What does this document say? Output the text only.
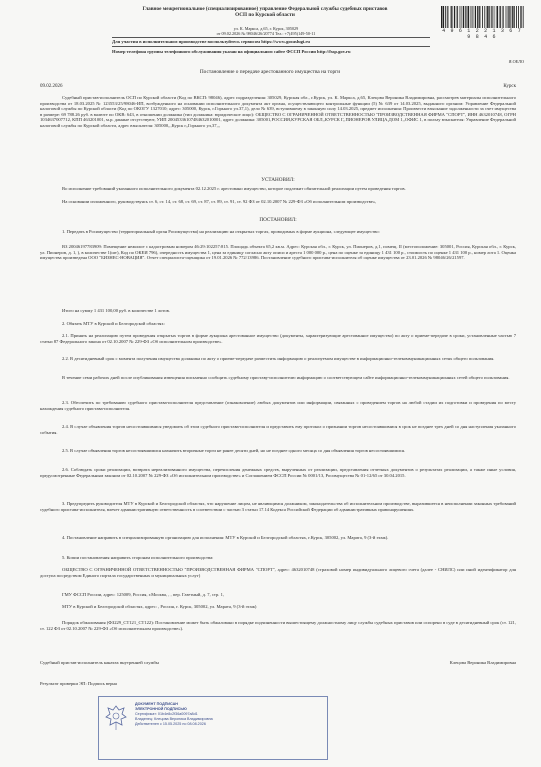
Главное межрегиональное (специализированное) управление Федеральной службы судебных приставов
ОСП по Курской области
ул. К. Маркса, д.65, г. Курск, 305029
от 09.02.2026 № 98046/26/20774 Тел.: +7(495)149-50-11
Для участия в исполнительном производстве воспользуйтесь сервисом https://www.gosuslugi.ru
Номер телефона группы телефонного обслуживания указан на официальном сайте ФССП России http://fssp.gov.ru
4 9 6 1 2 2 1 3 6 7 9 8 4 6
Я.ОЕЛО
Постановление о передаче арестованного имущества на торги
09.02.2026	Курск
Судебный пристав-исполнитель ОСП по Курской области (Код по ВКСП: 98046), адрес подразделения: 305029, Курская обл., г.Курск, ул. К. Маркса, д.65, Клецова Вероника Владимировна, рассмотрев материалы исполнительного производства от 18.03.2025 № 123553/25/98046-ИП, возбужденного на основании исполнительного документа акт органа, осуществляющего контрольные функции (5) № 639 от 14.03.2025, выданного органом: Управление Федеральной налоговой службы по Курской области (Код по ОКОГУ 1327010; адрес: 305000, Курск, г.Горького ул.37,1), дело № 639, вступившему в законную силу 14.03.2025, предмет исполнения: Произвести взыскание задолженности за счет имущества в размере: 69 788.26 руб. в валюте по ОКВ: 643, в отношении должника (тип должника: юридическое лицо): ОБЩЕСТВО С ОГРАНИЧЕННОЙ ОТВЕТСТВЕННОСТЬЮ "ПРОИЗВОДСТВЕННАЯ ФИРМА "СПОРТ", ИНН 4632010748, ОГРН 1034637007712, КПП 463201001, м.р. данные отсутствуют, УИП 20045336107484632010001, адрес должника: 305001,РОССИЯ,КУРСКАЯ ОБЛ,,КУРСК Г,,ПИОНЕРОВ УЛИЦА,ДОМ 1,,ОФИС 1, в пользу взыскателя: Управление Федеральной налоговой службы по Курской области, адрес взыскателя: 305000,,,Курск г,,Горького ул,37,,,
УСТАНОВИЛ:
Во исполнение требований указанного исполнительного документа 02.12.2025 г. арестовано имущество, которое подлежит обязательной реализации путем проведения торгов.
На основании изложенного, руководствуясь ст. 6, ст. 14, ст. 68, ст. 69, ст. 87, ст. 89, ст. 91, ст. 92 ФЗ от 02.10.2007 № 229-ФЗ «Об исполнительном производстве»,
ПОСТАНОВИЛ:
1. Передать в Росимущество (территориальный орган Росимущества) на реализацию на открытых торгах, проводимых в форме аукциона, следующее имущество:
ВЗ 20046197783909: Помещение нежилое с кадастровым номером 46:29:102257:815. Площадь объекта 65,2 кв.м. Адрес: Курская обл., г. Курск, ул. Пионеров, д.1, помещ. II (местоположение: 305001, Россия, Курская обл., г. Курск, ул. Пионеров, д. 1, ), в количестве 1(шт), Код по ОКЕИ 796), очередность имущества 1, цена за единицу согласно акту описи и ареста 1 000 000 р., цена по оценке за единицу 1 431 100 р., стоимость по оценке 1 431 100 р., номер лота 1. Оценка имущества произведена ООО "БИЗНЕС-НОВАЦИЯ". Отчет специалиста-оценщика от 19.01.2026 № 772/13986. Постановление судебного пристава-исполнителя об оценке имущества от 23.01.2026 № 98046/26/21597.
Итого на сумму 1 431 100,00 руб. в количестве 1 лотов.
2. Обязать МТУ в Курской и Белгородской областях:
2.1. Принять на реализацию путем проведения открытых торгов в форме аукциона арестованное имущество (документы, характеризующие арестованное имущество) по акту о приеме-передаче в сроки, установленные частью 7 статьи 87 Федерального закона от 02.10.2007 № 229-ФЗ «Об исполнительном производстве».
2.2. В десятидневный срок с момента получения имущества должника по акту о приеме-передаче разместить информацию о реализуемом имуществе в информационно-телекоммуникационных сетях общего пользования.
В течение семи рабочих дней после опубликования извещения письменно сообщить судебному приставу-исполнителю информацию о соответствующем сайте информационно-телекоммуникационных сетей общего пользования.
2.3. Обеспечить по требованию судебного пристава-исполнителя представление (ознакомление) любых документов или информации, связанных с проведением торгов на любой стадии их подготовки и проведения по месту нахождения судебного пристава-исполнителя.
2.4. В случае объявления торгов несостоявшимися уведомить об этом судебного пристава-исполнителя и представить ему протокол о признании торгов несостоявшимися в срок не позднее трех дней со дня наступления указанного события.
2.5. В случае объявления торгов несостоявшимися назначить вторичные торги не ранее десяти дней, но не позднее одного месяца со дня объявления торгов несостоявшимися.
2.6. Соблюдать сроки реализации, возврата нереализованного имущества, перечисления денежных средств, вырученных от реализации, представления отчетных документов о результатах реализации, а также иные условия, предусмотренные Федеральным законом от 02.10.2007 № 229-ФЗ «Об исполнительном производстве» и Соглашением ФССП России № 0001/13, Росимущества № 01-12/65 от 30.04.2015.
3. Предупредить руководителя МТУ в Курской и Белгородской областях, что нарушение лицом, не являющимся должником, законодательства об исполнительном производстве, выразившееся в неисполнении законных требований судебного пристава-исполнителя, влечет административную ответственность в соответствии с частью 3 статьи 17.14 Кодекса Российской Федерации об административных правонарушениях.
4. Постановление направить в специализированную организацию для исполнения: МТУ в Курской и Белгородской областях, г.Курск, 305002, ул. Марата, 9 (3-й этаж).
5. Копии постановления направить сторонам исполнительного производства:
ОБЩЕСТВО С ОГРАНИЧЕННОЙ ОТВЕТСТВЕННОСТЬЮ "ПРОИЗВОДСТВЕННАЯ ФИРМА "СПОРТ", адрес: 4632010748 (страховой номер индивидуального лицевого счета (далее - СНИЛС) или иной идентификатор для доступа посредством Единого портала государственных и муниципальных услуг)
ГМУ ФССП России, адрес: 125009, Россия, г.Москва, , , пер. Газетный, д. 7, стр. 1,
МТУ в Курской и Белгородской областях, адрес: , Россия, г. Курск, 305002, ул. Марата, 9 (3-й этаж)
Порядок обжалования (ФЗ229_СТ121_СТ122): Постановление может быть обжаловано в порядке подчиненности вышестоящему должностному лицу службы судебных приставов или оспорено в суде в десятидневный срок (ст. 121, ст. 122 ФЗ от 02.10.2007 № 229-ФЗ «Об исполнительном производстве»).
Судебный пристав-исполнитель канатах внутренней службы	Клецова Вероника Владимировна
Результат проверки ЭП: Подпись верна
ДОКУМЕНТ ПОДПИСАН
ЭЛЕКТРОННОЙ ПОДПИСЬЮ
Сертификат: 01b4e8c2f36a0097a8d1
Владелец: Клецова Вероника Владимировна
Действителен с 15.05.2025 по 08.08.2026
